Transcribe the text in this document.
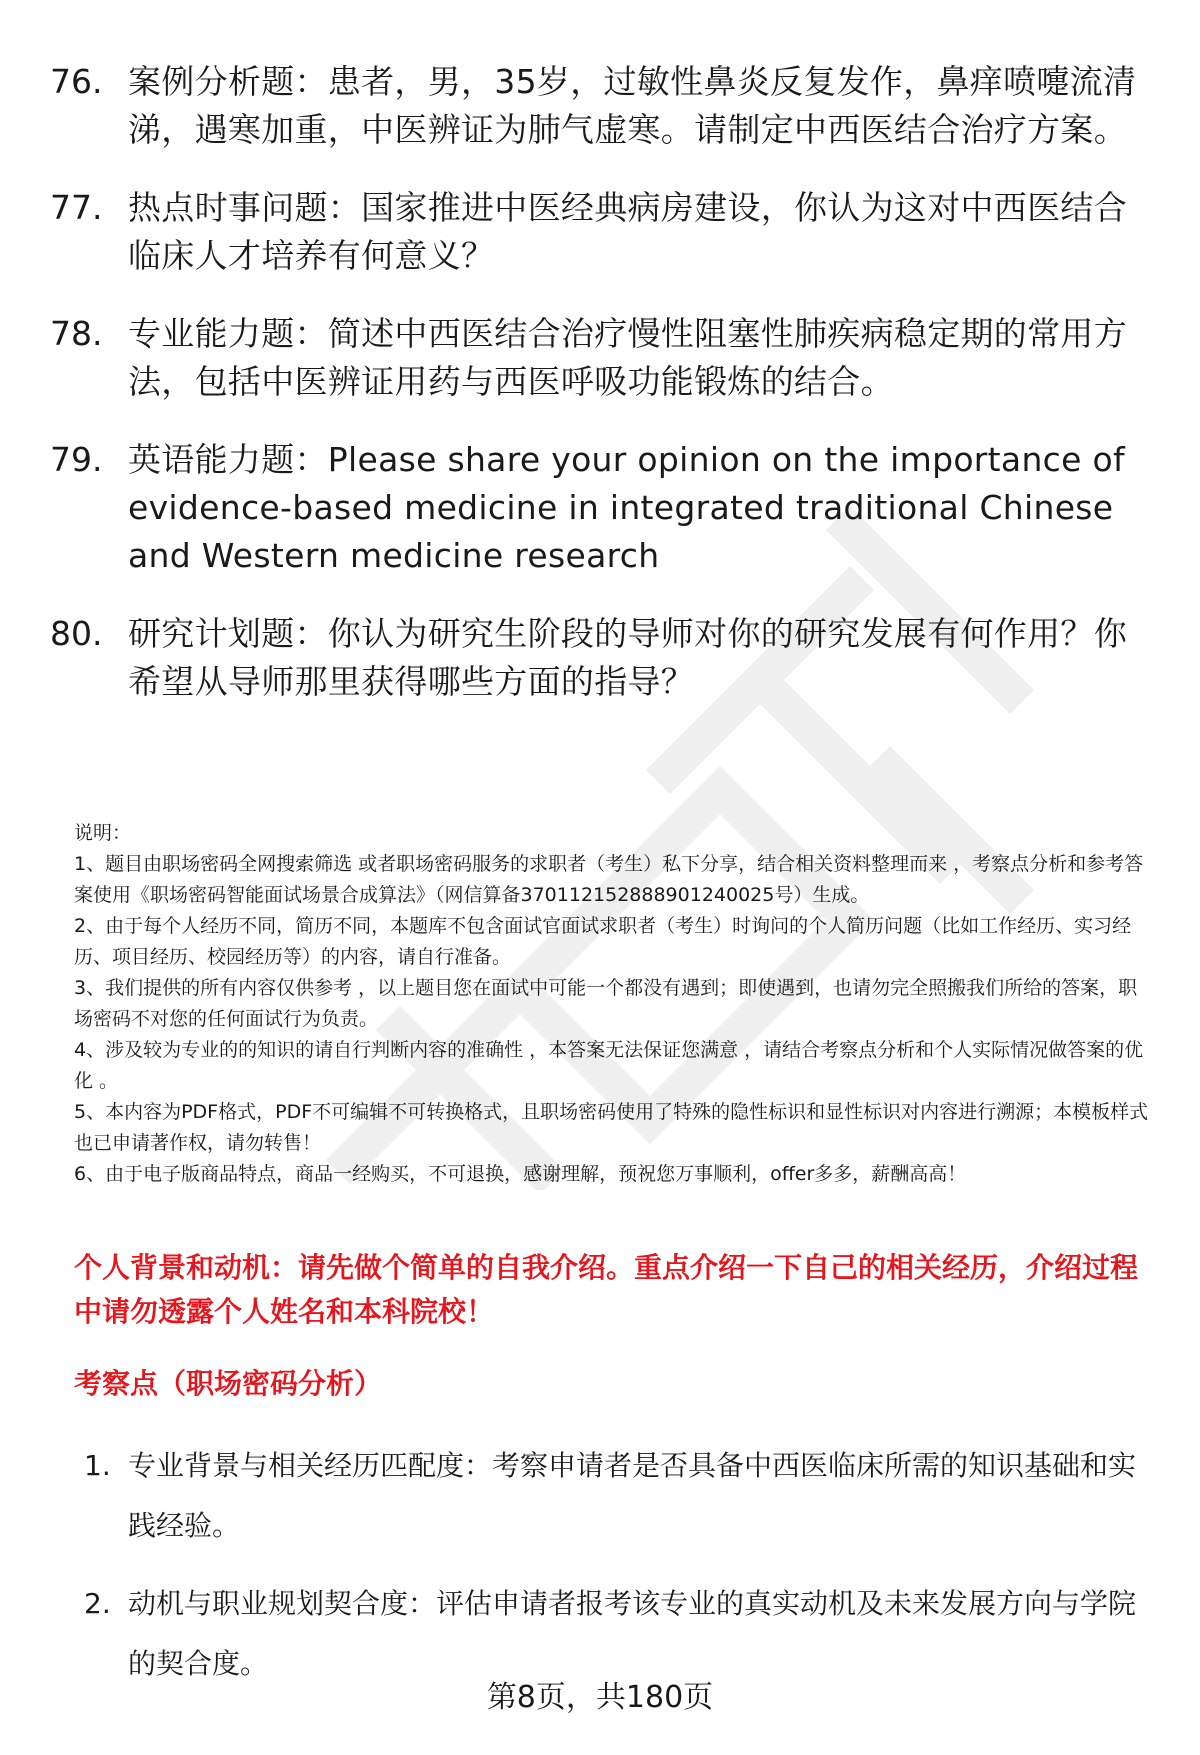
76. 案例分析题：患者，男，35岁，过敏性鼻炎反复发作，鼻痒喷嚏流清涕，遇寒加重，中医辨证为肺气虚寒。请制定中西医结合治疗方案。
77. 热点时事问题：国家推进中医经典病房建设，你认为这对中西医结合临床人才培养有何意义？
78. 专业能力题：简述中西医结合治疗慢性阻塞性肺疾病稳定期的常用方法，包括中医辨证用药与西医呼吸功能锻炼的结合。
79. 英语能力题：Please share your opinion on the importance of evidence-based medicine in integrated traditional Chinese and Western medicine research
80. 研究计划题：你认为研究生阶段的导师对你的研究发展有何作用？你希望从导师那里获得哪些方面的指导？
说明：
1、题目由职场密码全网搜索筛选 或者职场密码服务的求职者（考生）私下分享，结合相关资料整理而来 ，考察点分析和参考答案使用《职场密码智能面试场景合成算法》（网信算备370112152888901240025号）生成。
2、由于每个人经历不同，简历不同，本题库不包含面试官面试求职者（考生）时询问的个人简历问题（比如工作经历、实习经历、项目经历、校园经历等）的内容，请自行准备。
3、我们提供的所有内容仅供参考 ，以上题目您在面试中可能一个都没有遇到；即使遇到，也请勿完全照搬我们所给的答案，职场密码不对您的任何面试行为负责。
4、涉及较为专业的的知识的请自行判断内容的准确性 ，本答案无法保证您满意 ，请结合考察点分析和个人实际情况做答案的优化 。
5、本内容为PDF格式，PDF不可编辑不可转换格式，且职场密码使用了特殊的隐性标识和显性标识对内容进行溯源；本模板样式也已申请著作权，请勿转售！
6、由于电子版商品特点，商品一经购买，不可退换，感谢理解，预祝您万事顺利，offer多多，薪酬高高！
个人背景和动机：请先做个简单的自我介绍。重点介绍一下自己的相关经历，介绍过程中请勿透露个人姓名和本科院校！
考察点（职场密码分析）
1. 专业背景与相关经历匹配度：考察申请者是否具备中西医临床所需的知识基础和实践经验。
2. 动机与职业规划契合度：评估申请者报考该专业的真实动机及未来发展方向与学院的契合度。
第8页，共180页
